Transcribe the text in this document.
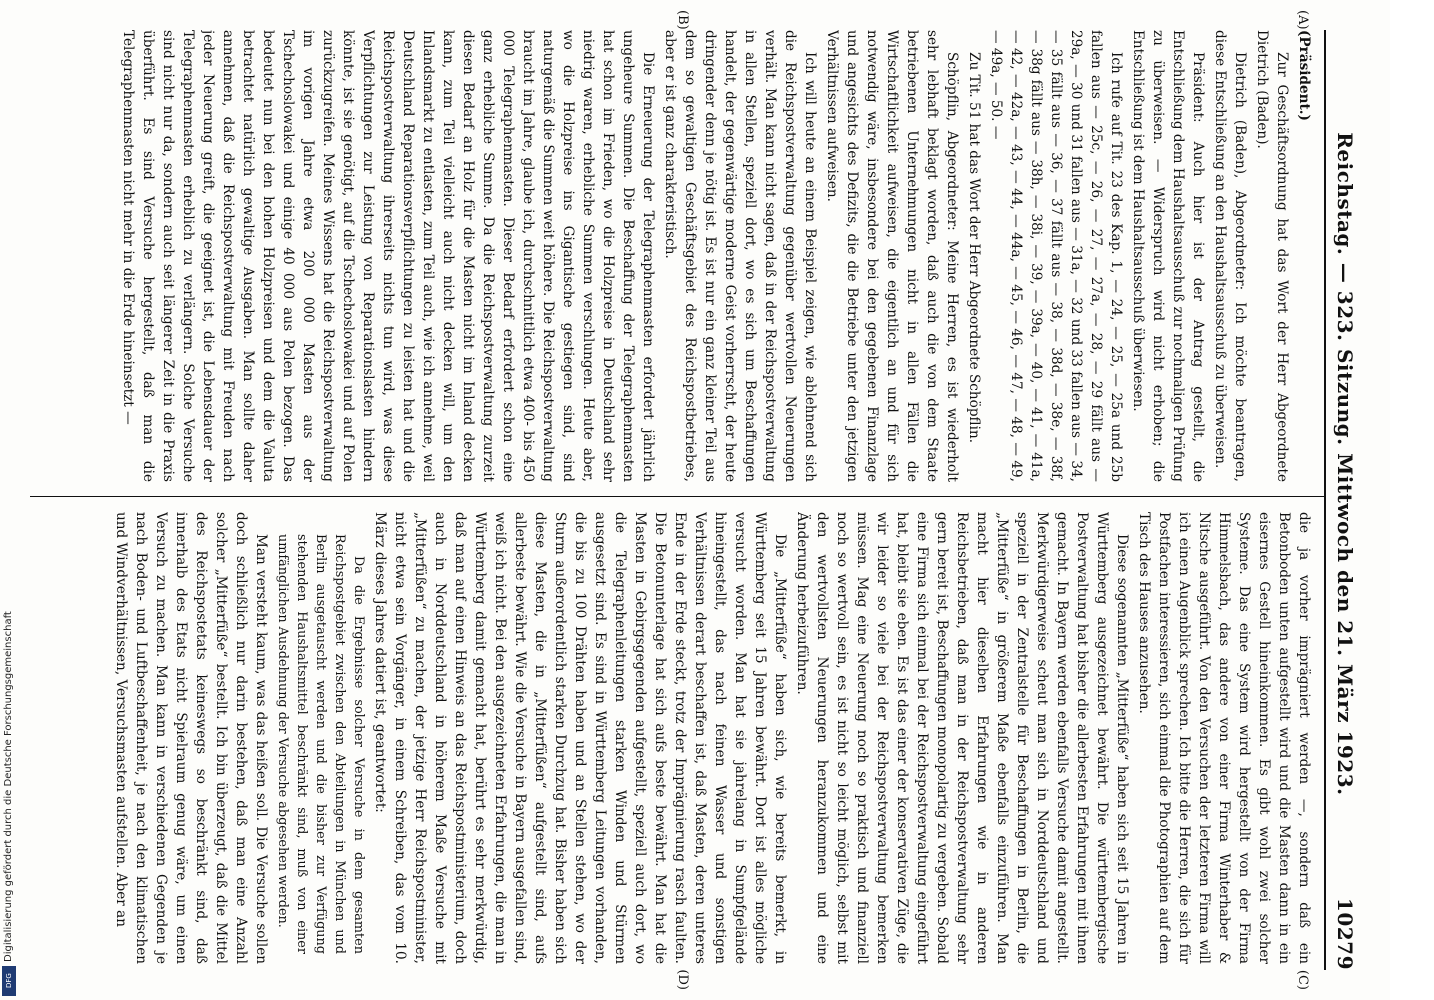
Reichstag. — 323. Sitzung. Mittwoch den 21. März 1923.
10279
(A)
(B)
(C)
(D)

(Präsident.)

Zur Geschäftsordnung hat das Wort der Herr Abgeordnete Dietrich (Baden).

Dietrich (Baden), Abgeordneter: Ich möchte beantragen, diese Entschließung an den Haushaltsausschuß zu überweisen.

Präsident: Auch hier ist der Antrag gestellt, die Entschließung dem Haushaltsausschuß zur nochmaligen Prüfung zu überweisen. — Widerspruch wird nicht erhoben; die Entschließung ist dem Haushaltsausschuß überwiesen.

Ich rufe auf Tit. 23 des Kap. 1, — 24, — 25, — 25a und 25b fallen aus — 25c, — 26, — 27, — 27a, — 28, — 29 fällt aus — 29a, — 30 und 31 fallen aus — 31a, — 32 und 33 fallen aus — 34, — 35 fällt aus — 36, — 37 fällt aus — 38, — 38d, — 38e, — 38f, — 38g fällt aus — 38h, — 38i, — 39, — 39a, — 40, — 41, — 41a, — 42, — 42a, — 43, — 44, — 44a, — 45, — 46, — 47, — 48, — 49, — 49a, — 50. —

Zu Tit. 51 hat das Wort der Herr Abgeordnete Schöpflin.

Schöpflin, Abgeordneter: Meine Herren, es ist wiederholt sehr lebhaft beklagt worden, daß auch die von dem Staate betriebenen Unternehmungen nicht in allen Fällen die Wirtschaftlichkeit aufweisen, die eigentlich an und für sich notwendig wäre, insbesondere bei den gegebenen Finanzlage und angesichts des Defizits, die die Betriebe unter den jetzigen Verhältnissen aufweisen.

Ich will heute an einem Beispiel zeigen, wie ablehnend sich die Reichspostverwaltung gegenüber wertvollen Neuerungen verhält. Man kann nicht sagen, daß in der Reichspostverwaltung in allen Stellen, speziell dort, wo es sich um Beschaffungen handelt, der gegenwärtige moderne Geist vorherrscht, der heute dringender denn je nötig ist. Es ist nur ein ganz kleiner Teil aus dem so gewaltigen Geschäftsgebiet des Reichspostbetriebes, aber er ist ganz charakteristisch.

Die Erneuerung der Telegraphenmasten erfordert jährlich ungeheure Summen. Die Beschaffung der Telegraphenmasten hat schon im Frieden, wo die Holzpreise in Deutschland sehr niedrig waren, erhebliche Summen verschlungen. Heute aber, wo die Holzpreise ins Gigantische gestiegen sind, sind naturgemäß die Summen weit höhere. Die Reichspostverwaltung braucht im Jahre, glaube ich, durchschnittlich etwa 400- bis 450 000 Telegraphenmasten. Dieser Bedarf erfordert schon eine ganz erhebliche Summe. Da die Reichspostverwaltung zurzeit diesen Bedarf an Holz für die Masten nicht im Inland decken kann, zum Teil vielleicht auch nicht decken will, um den Inlandsmarkt zu entlasten, zum Teil auch, wie ich annehme, weil Deutschland Reparationsverpflichtungen zu leisten hat und die Reichspostverwaltung ihrerseits nichts tun wird, was diese Verpflichtungen zur Leistung von Reparationslasten hindern könnte, ist sie genötigt, auf die Tschechoslowakei und auf Polen zurückzugreifen. Meines Wissens hat die Reichspostverwaltung im vorigen Jahre etwa 200 000 Masten aus der Tschechoslowakei und einige 40 000 aus Polen bezogen. Das bedeutet nun bei den hohen Holzpreisen und dem die Valuta betrachtet natürlich gewaltige Ausgaben. Man sollte daher annehmen, daß die Reichspostverwaltung mit Freuden nach jeder Neuerung greift, die geeignet ist, die Lebensdauer der Telegraphenmasten erheblich zu verlängern. Solche Versuche sind nicht nur da, sondern auch seit längerer Zeit in die Praxis überführt. Es sind Versuche hergestellt, daß man die Telegraphenmasten nicht mehr in die Erde hineinsetzt —

die ja vorher imprägniert werden —, sondern daß ein Betonboden unten aufgestellt wird und die Masten dann in ein eisernes Gestell hineinkommen. Es gibt wohl zwei solcher Systeme. Das eine System wird hergestellt von der Firma Himmelsbach, das andere von einer Firma Winterhaber & Nitsche ausgeführt. Von den Versuchen der letzteren Firma will ich einen Augenblick sprechen. Ich bitte die Herren, die sich für Postfachen interessieren, sich einmal die Photographien auf dem Tisch des Hauses anzusehen.

Diese sogenannten „Mitterfüße“ haben sich seit 15 Jahren in Württemberg ausgezeichnet bewährt. Die württembergische Postverwaltung hat bisher die allerbesten Erfahrungen mit ihnen gemacht. In Bayern werden ebenfalls Versuche damit angestellt. Merkwürdigerweise scheut man sich in Norddeutschland und speziell in der Zentralstelle für Beschaffungen in Berlin, die „Mitterfüße“ in größerem Maße ebenfalls einzuführen. Man macht hier dieselben Erfahrungen wie in anderen Reichsbetrieben, daß man in der Reichspostverwaltung sehr gern bereit ist, Beschaffungen monopolartig zu vergeben. Sobald eine Firma sich einmal bei der Reichspostverwaltung eingeführt hat, bleibt sie eben. Es ist das einer der konservativen Züge, die wir leider so viele bei der Reichspostverwaltung bemerken müssen. Mag eine Neuerung noch so praktisch und finanziell noch so wertvoll sein, es ist nicht so leicht möglich, selbst mit den wertvollsten Neuerungen heranzukommen und eine Änderung herbeizuführen.

Die „Mitterfüße“ haben sich, wie bereits bemerkt, in Württemberg seit 15 Jahren bewährt. Dort ist alles mögliche versucht worden. Man hat sie jahrelang in Sumpfgelände hineingestellt, das nach feinen Wasser und sonstigen Verhältnissen derart beschaffen ist, daß Masten, deren unteres Ende in der Erde steckt, trotz der Imprägnierung rasch faulten. Die Betonunterlage hat sich aufs beste bewährt. Man hat die Masten in Gebirgsgegenden aufgestellt, speziell auch dort, wo die Telegraphenleitungen starken Winden und Stürmen ausgesetzt sind. Es sind in Württemberg Leitungen vorhanden, die bis zu 100 Drähten haben und an Stellen stehen, wo der Sturm außerordentlich starken Durchzug hat. Bisher haben sich diese Masten, die in „Mitterfüßen“ aufgestellt sind, aufs allerbeste bewährt. Wie die Versuche in Bayern ausgefallen sind, weiß ich nicht. Bei den ausgezeichneten Erfahrungen, die man in Württemberg damit gemacht hat, berührt es sehr merkwürdig, daß man auf einen Hinweis an das Reichspostministerium, doch auch in Norddeutschland in höherem Maße Versuche mit „Mitterfüßen“ zu machen, der jetzige Herr Reichspostminister, nicht etwa sein Vorgänger, in einem Schreiben, das vom 10. März dieses Jahres datiert ist, geantwortet:

Da die Ergebnisse solcher Versuche in dem gesamten Reichspostgebiet zwischen den Abteilungen in München und Berlin ausgetauscht werden und die bisher zur Verfügung stehenden Haushaltsmittel beschränkt sind, muß von einer umfänglichen Ausdehnung der Versuche abgesehen werden.

Man versteht kaum, was das heißen soll. Die Versuche sollen doch schließlich nur darin bestehen, daß man eine Anzahl solcher „Mitterfüße“ bestellt. Ich bin überzeugt, daß die Mittel des Reichspostetats keineswegs so beschränkt sind, daß innerhalb des Etats nicht Spielraum genug wäre, um einen Versuch zu machen. Man kann in verschiedenen Gegenden je nach Boden- und Luftbeschaffenheit, je nach den klimatischen und Windverhältnissen, Versuchsmasten aufstellen. Aber an

Digitalisierung gefördert durch die Deutsche Forschungsgemeinschaft
DFG
